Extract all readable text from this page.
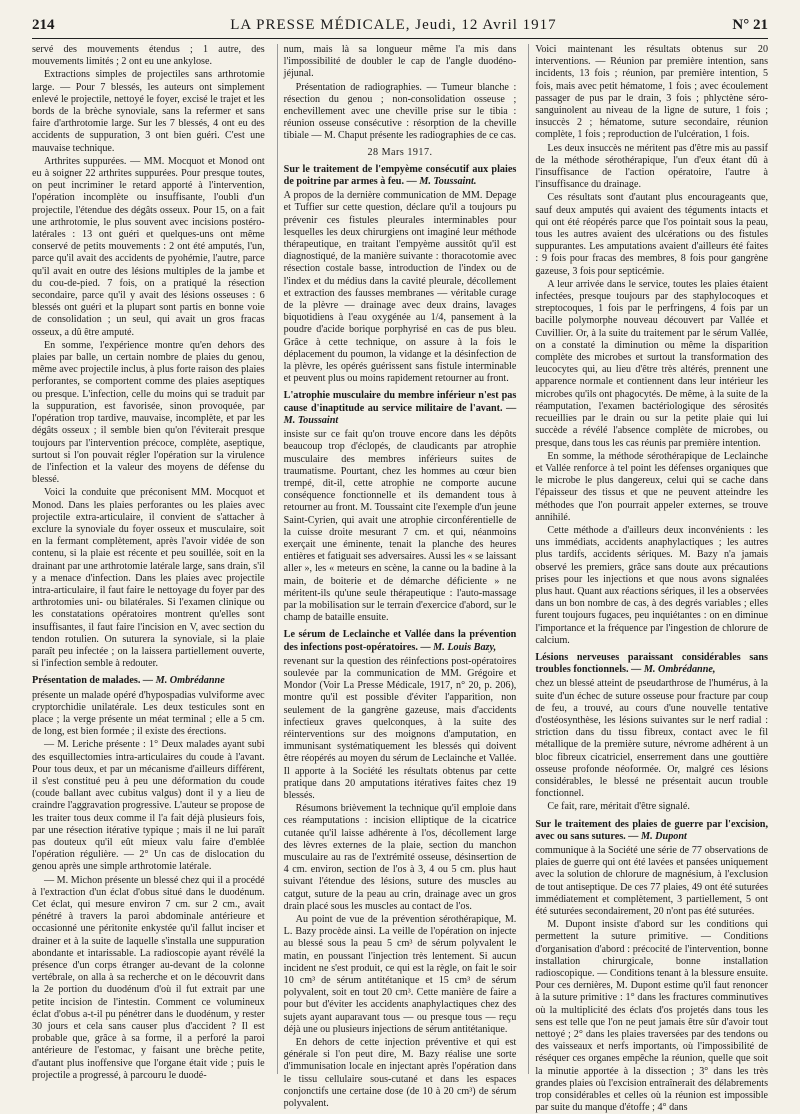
214	LA PRESSE MÉDICALE, Jeudi, 12 Avril 1917	N° 21

servé des mouvements étendus ; 1 autre, des mouvements limités ; 2 ont eu une ankylose.

Extractions simples de projectiles sans arthrotomie large. — Pour 7 blessés, les auteurs ont simplement enlevé le projectile, nettoyé le foyer, excisé le trajet et les bords de la brèche synoviale, sans la refermer et sans faire d'arthrotomie large. Sur les 7 blessés, 4 ont eu des accidents de suppuration, 3 ont bien guéri. C'est une mauvaise technique.

Arthrites suppurées. — MM. Mocquot et Monod ont eu à soigner 22 arthrites suppurées. Pour presque toutes, on peut incriminer le retard apporté à l'intervention, l'opération incomplète ou insuffisante, l'oubli d'un projectile, l'étendue des dégâts osseux. Pour 15, on a fait une arthrotomie, le plus souvent avec incisions postéro-latérales : 13 ont guéri et quelques-uns ont même conservé de petits mouvements : 2 ont été amputés, l'un, parce qu'il avait des accidents de pyohémie, l'autre, parce qu'il avait en outre des lésions multiples de la jambe et du cou-de-pied. 7 fois, on a pratiqué la résection secondaire, parce qu'il y avait des lésions osseuses : 6 blessés ont guéri et la plupart sont partis en bonne voie de consolidation ; un seul, qui avait un gros fracas osseux, a dû être amputé.

En somme, l'expérience montre qu'en dehors des plaies par balle, un certain nombre de plaies du genou, même avec projectile inclus, à plus forte raison des plaies perforantes, se comportent comme des plaies aseptiques ou presque. L'infection, celle du moins qui se traduit par la suppuration, est favorisée, sinon provoquée, par l'opération trop tardive, mauvaise, incomplète, et par les dégâts osseux ; il semble bien qu'on l'éviterait presque toujours par l'intervention précoce, complète, aseptique, surtout si l'on pouvait régler l'opération sur la virulence de l'infection et la valeur des moyens de défense du blessé.

Voici la conduite que préconisent MM. Mocquot et Monod. Dans les plaies perforantes ou les plaies avec projectile extra-articulaire, il convient de s'attacher à exclure la synoviale du foyer osseux et musculaire, soit en la fermant complètement, après l'avoir vidée de son contenu, si la plaie est récente et peu souillée, soit en la drainant par une arthrotomie latérale large, sans drain, s'il y a menace d'infection. Dans les plaies avec projectile intra-articulaire, il faut faire le nettoyage du foyer par des arthrotomies uni- ou bilatérales. Si l'examen clinique ou les constatations opératoires montrent qu'elles sont insuffisantes, il faut faire l'incision en V, avec section du tendon rotulien. On suturera la synoviale, si la plaie paraît peu infectée ; on la laissera partiellement ouverte, si l'infection semble à redouter.

Présentation de malades. — M. Ombrédanne

présente un malade opéré d'hypospadias vulviforme avec cryptorchidie unilatérale. Les deux testicules sont en place ; la verge présente un méat terminal ; elle a 5 cm. de long, est bien formée ; il existe des érections.

— M. Leriche présente : 1° Deux malades ayant subi des esquillectomies intra-articulaires du coude à l'avant. Pour tous deux, et par un mécanisme d'ailleurs différent, il s'est constitué peu à peu une déformation du coude (coude ballant avec cubitus valgus) dont il y a lieu de craindre l'aggravation progressive. L'auteur se propose de les traiter tous deux comme il l'a fait déjà plusieurs fois, par une résection itérative typique ; mais il ne lui paraît pas douteux qu'il eût mieux valu faire d'emblée l'opération régulière. — 2° Un cas de dislocation du genou après une simple arthrotomie latérale.

— M. Michon présente un blessé chez qui il a procédé à l'extraction d'un éclat d'obus situé dans le duodénum. Cet éclat, qui mesure environ 7 cm. sur 2 cm., avait pénétré à travers la paroi abdominale antérieure et occasionné une péritonite enkystée qu'il fallut inciser et drainer et à la suite de laquelle s'installa une suppuration abondante et intarissable. La radioscopie ayant révélé la présence d'un corps étranger au-devant de la colonne vertébrale, on alla à sa recherche et on le découvrit dans la 2e portion du duodénum d'où il fut extrait par une petite incision de l'intestin. Comment ce volumineux éclat d'obus a-t-il pu pénétrer dans le duodénum, y rester 30 jours et cela sans causer plus d'accident ? Il est probable que, grâce à sa forme, il a perforé la paroi antérieure de l'estomac, y faisant une brèche petite, d'autant plus inoffensive que l'organe était vide ; puis le projectile a progressé, à parcouru le duodé-

num, mais là sa longueur même l'a mis dans l'impossibilité de doubler le cap de l'angle duodéno-jéjunal.

Présentation de radiographies. — Tumeur blanche : résection du genou ; non-consolidation osseuse ; enchevillement avec une cheville prise sur le tibia : réunion osseuse consécutive : résorption de la cheville tibiale — M. Chaput présente les radiographies de ce cas.

28 Mars 1917.

Sur le traitement de l'empyème consécutif aux plaies de poitrine par armes à feu. — M. Toussaint.

A propos de la dernière communication de MM. Depage et Tuffier sur cette question, déclare qu'il a toujours pu prévenir ces fistules pleurales interminables pour lesquelles les deux chirurgiens ont imaginé leur méthode thérapeutique, en traitant l'empyème aussitôt qu'il est diagnostiqué, de la manière suivante : thoracotomie avec résection costale basse, introduction de l'index ou de l'index et du médius dans la cavité pleurale, décollement et extraction des fausses membranes — véritable curage de la plèvre — drainage avec deux drains, lavages biquotidiens à l'eau oxygénée au 1/4, pansement à la poudre d'acide borique porphyrisé en cas de pus bleu. Grâce à cette technique, on assure à la fois le déplacement du poumon, la vidange et la désinfection de la plèvre, les opérés guérissent sans fistule interminable et peuvent plus ou moins rapidement retourner au front.

L'atrophie musculaire du membre inférieur n'est pas cause d'inaptitude au service militaire de l'avant. — M. Toussaint

insiste sur ce fait qu'on trouve encore dans les dépôts beaucoup trop d'éclopés, de claudicants par atrophie musculaire des membres inférieurs suites de traumatisme. Pourtant, chez les hommes au cœur bien trempé, dit-il, cette atrophie ne comporte aucune conséquence fonctionnelle et ils demandent tous à retourner au front. M. Toussaint cite l'exemple d'un jeune Saint-Cyrien, qui avait une atrophie circonférentielle de la cuisse droite mesurant 7 cm. et qui, néanmoins exerçait une éminente, tenait la planche des heures entières et fatiguait ses adversaires. Aussi les « se laissant aller », les « meteurs en scène, la canne ou la badine à la main, de boiterie et de démarche déficiente » ne méritent-ils qu'une seule thérapeutique : l'auto-massage par la mobilisation sur le terrain d'exercice d'abord, sur le champ de bataille ensuite.

Le sérum de Leclainche et Vallée dans la prévention des infections post-opératoires. — M. Louis Bazy,

revenant sur la question des réinfections post-opératoires soulevée par la communication de MM. Grégoire et Mondor (Voir La Presse Médicale, 1917, n° 20, p. 206), montre qu'il est possible d'éviter l'apparition, non seulement de la gangrène gazeuse, mais d'accidents infectieux graves quelconques, à la suite des réinterventions sur des moignons d'amputation, en immunisant systématiquement les blessés qui doivent être réopérés au moyen du sérum de Leclainche et Vallée. Il apporte à la Société les résultats obtenus par cette pratique dans 20 amputations itératives faites chez 19 blessés.

Résumons brièvement la technique qu'il emploie dans ces réamputations : incision elliptique de la cicatrice cutanée qu'il laisse adhérente à l'os, décollement large des lèvres externes de la plaie, section du manchon musculaire au ras de l'extrémité osseuse, désinsertion de 4 cm. environ, section de l'os à 3, 4 ou 5 cm. plus haut suivant l'étendue des lésions, suture des muscles au catgut, suture de la peau au crin, drainage avec un gros drain placé sous les muscles au contact de l'os.

Au point de vue de la prévention sérothérapique, M. L. Bazy procède ainsi. La veille de l'opération on injecte au blessé sous la peau 5 cm³ de sérum polyvalent le matin, en poussant l'injection très lentement. Si aucun incident ne s'est produit, ce qui est la règle, on fait le soir 10 cm³ de sérum antitétanique et 15 cm³ de sérum polyvalent, soit en tout 20 cm³. Cette manière de faire a pour but d'éviter les accidents anaphylactiques chez des sujets ayant auparavant tous — ou presque tous — reçu déjà une ou plusieurs injections de sérum antitétanique.

En dehors de cette injection préventive et qui est générale si l'on peut dire, M. Bazy réalise une sorte d'immunisation locale en injectant après l'opération dans le tissu cellulaire sous-cutané et dans les espaces conjonctifs une certaine dose (de 10 à 20 cm³) de sérum polyvalent.

Voici maintenant les résultats obtenus sur 20 interventions. — Réunion par première intention, sans incidents, 13 fois ; réunion, par première intention, 5 fois, mais avec petit hématome, 1 fois ; avec écoulement passager de pus par le drain, 3 fois ; phlyctène séro-sanguinolent au niveau de la ligne de suture, 1 fois ; insuccès 2 ; hématome, suture secondaire, réunion complète, 1 fois ; reproduction de l'ulcération, 1 fois.

Les deux insuccès ne méritent pas d'être mis au passif de la méthode sérothérapique, l'un d'eux étant dû à l'insuffisance de l'action opératoire, l'autre à l'insuffisance du drainage.

Ces résultats sont d'autant plus encourageants que, sauf deux amputés qui avaient des téguments intacts et qui ont été réopérés parce que l'os pointait sous la peau, tous les autres avaient des ulcérations ou des fistules suppurantes. Les amputations avaient d'ailleurs été faites : 9 fois pour fracas des membres, 8 fois pour gangrène gazeuse, 3 fois pour septicémie.

A leur arrivée dans le service, toutes les plaies étaient infectées, presque toujours par des staphylocoques et streptocoques, 1 fois par le perfringens, 4 fois par un bacille polymorphe nouveau découvert par Vallée et Cuvillier. Or, à la suite du traitement par le sérum Vallée, on a constaté la diminution ou même la disparition complète des microbes et surtout la transformation des leucocytes qui, au lieu d'être très altérés, prennent une apparence normale et contiennent dans leur intérieur les microbes qu'ils ont phagocytés. De même, à la suite de la réamputation, l'examen bactériologique des sérosités recueillies par le drain ou sur la petite plaie qui lui succède a révélé l'absence complète de microbes, ou presque, dans tous les cas réunis par première intention.

En somme, la méthode sérothérapique de Leclainche et Vallée renforce à tel point les défenses organiques que le microbe le plus dangereux, celui qui se cache dans l'épaisseur des tissus et que ne peuvent atteindre les méthodes que l'on pourrait appeler externes, se trouve annihilé.

Cette méthode a d'ailleurs deux inconvénients : les uns immédiats, accidents anaphylactiques ; les autres plus tardifs, accidents sériques. M. Bazy n'a jamais observé les premiers, grâce sans doute aux précautions prises pour les injections et que nous avons signalées plus haut. Quant aux réactions sériques, il les a observées dans un bon nombre de cas, à des degrés variables ; elles furent toujours fugaces, peu inquiétantes : on en diminue l'importance et la fréquence par l'ingestion de chlorure de calcium.

Lésions nerveuses paraissant considérables sans troubles fonctionnels. — M. Ombrédanne,

chez un blessé atteint de pseudarthrose de l'humérus, à la suite d'un échec de suture osseuse pour fracture par coup de feu, a trouvé, au cours d'une nouvelle tentative d'ostéosynthèse, les lésions suivantes sur le nerf radial : striction dans du tissu fibreux, contact avec le fil métallique de la première suture, névrome adhérent à un bloc fibreux cicatriciel, enserrement dans une gouttière osseuse profonde néoformée. Or, malgré ces lésions considérables, le blessé ne présentait aucun trouble fonctionnel.

Ce fait, rare, méritait d'être signalé.

Sur le traitement des plaies de guerre par l'excision, avec ou sans sutures. — M. Dupont

communique à la Société une série de 77 observations de plaies de guerre qui ont été lavées et pansées uniquement avec la solution de chlorure de magnésium, à l'exclusion de tout antiseptique. De ces 77 plaies, 49 ont été suturées immédiatement et complètement, 3 partiellement, 5 ont été suturées secondairement, 20 n'ont pas été suturées.

M. Dupont insiste d'abord sur les conditions qui permettent la suture primitive. — Conditions d'organisation d'abord : précocité de l'intervention, bonne installation chirurgicale, bonne installation radioscopique. — Conditions tenant à la blessure ensuite. Pour ces dernières, M. Dupont estime qu'il faut renoncer à la suture primitive : 1° dans les fractures comminutives où la multiplicité des éclats d'os projetés dans tous les sens est telle que l'on ne peut jamais être sûr d'avoir tout nettoyé ; 2° dans les plaies traversées par des tendons ou des vaisseaux et nerfs importants, où l'impossibilité de réséquer ces organes empêche la réunion, quelle que soit la minutie apportée à la dissection ; 3° dans les très grandes plaies où l'excision entraînerait des délabrements trop considérables et celles où la réunion est impossible par suite du manque d'étoffe ; 4° dans
